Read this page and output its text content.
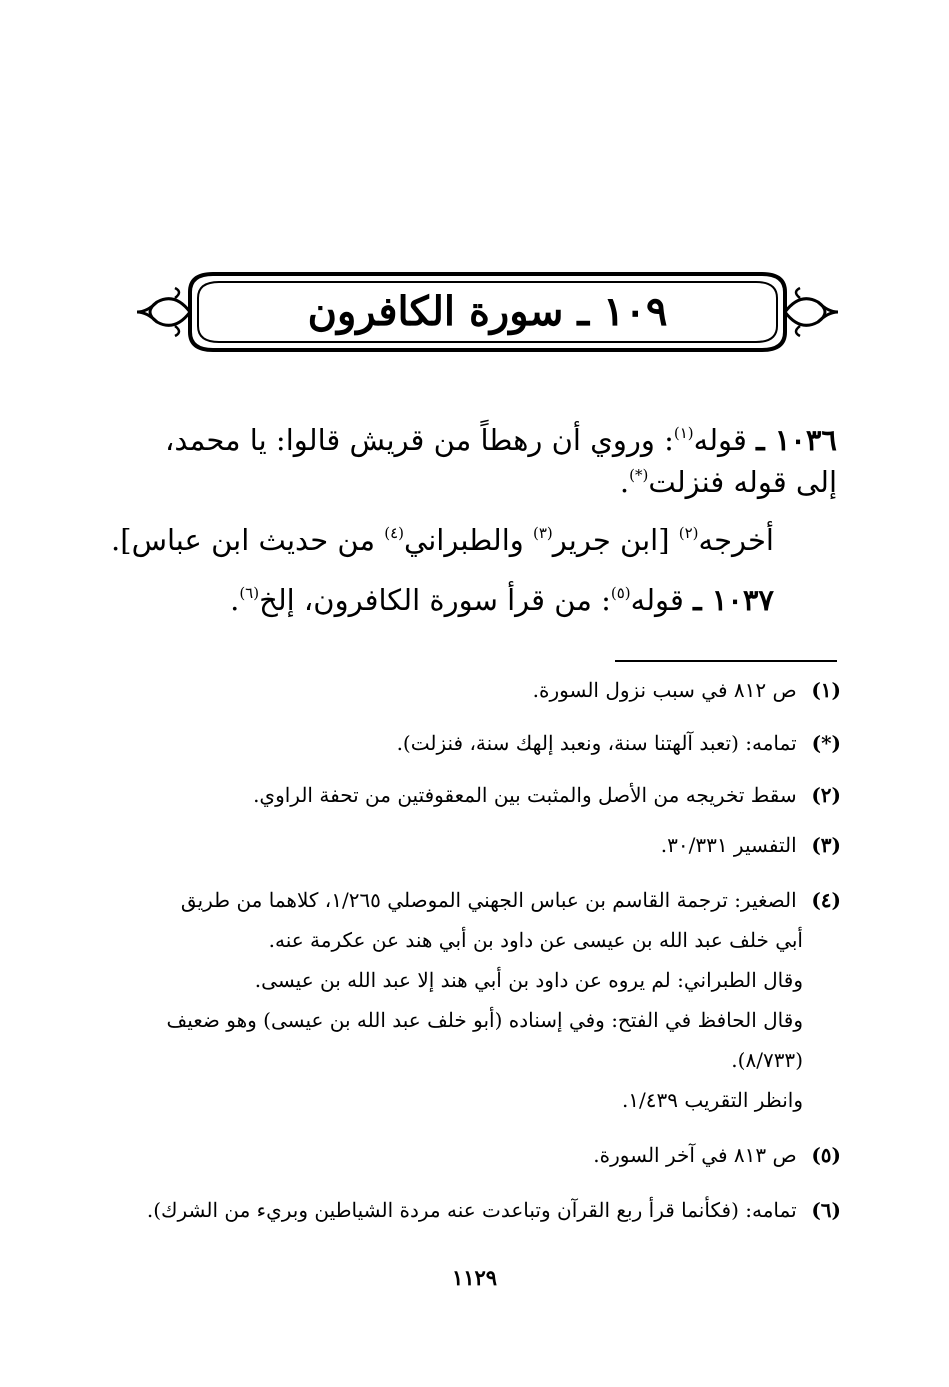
١٠٩ ـ سورة الكافرون
١٠٣٦ ـ قوله$^{(١)}$: وروي أن رهطاً من قريش قالوا: يا محمد،
إلى قوله فنزلت(*).
أخرجه$^{(٢)}$ [ابن جرير$^{(٣)}$ والطبراني$^{(٤)}$ من حديث ابن عباس].
١٠٣٧ ـ قوله$^{(٥)}$: من قرأ سورة الكافرون، إلخ$^{(٦)}$.
(١) ص ٨١٢ في سبب نزول السورة.
(*) تمامه: (تعبد آلهتنا سنة، ونعبد إلهك سنة، فنزلت).
(٢) سقط تخريجه من الأصل والمثبت بين المعقوفتين من تحفة الراوي.
(٣) التفسير ٣٠/٣٣١.
(٤) الصغير: ترجمة القاسم بن عباس الجهني الموصلي ١/٢٦٥، كلاهما من طريق
أبي خلف عبد الله بن عيسى عن داود بن أبي هند عن عكرمة عنه.
وقال الطبراني: لم يروه عن داود بن أبي هند إلا عبد الله بن عيسى.
وقال الحافظ في الفتح: وفي إسناده (أبو خلف عبد الله بن عيسى) وهو ضعيف
(٨/٧٣٣).
وانظر التقريب ١/٤٣٩.
(٥) ص ٨١٣ في آخر السورة.
(٦) تمامه: (فكأنما قرأ ربع القرآن وتباعدت عنه مردة الشياطين وبريء من الشرك).
١١٢٩
